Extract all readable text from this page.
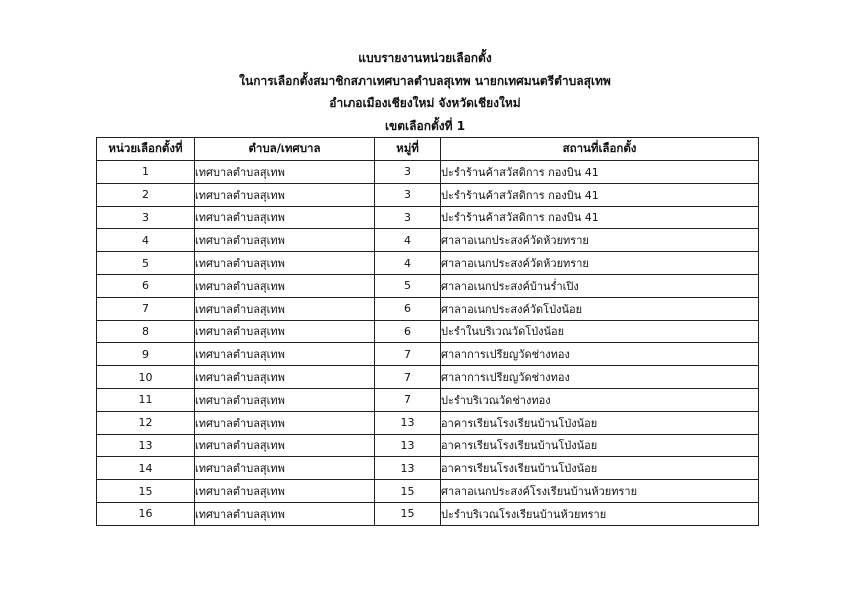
แบบรายงานหน่วยเลือกตั้ง
ในการเลือกตั้งสมาชิกสภาเทศบาลตำบลสุเทพ นายกเทศมนตรีตำบลสุเทพ
อำเภอเมืองเชียงใหม่ จังหวัดเชียงใหม่
เขตเลือกตั้งที่ 1
หน่วยเลือกตั้งที่	ตำบล/เทศบาล	หมู่ที่	สถานที่เลือกตั้ง
1	เทศบาลตำบลสุเทพ	3	ปะรำร้านค้าสวัสดิการ กองบิน 41
2	เทศบาลตำบลสุเทพ	3	ปะรำร้านค้าสวัสดิการ กองบิน 41
3	เทศบาลตำบลสุเทพ	3	ปะรำร้านค้าสวัสดิการ กองบิน 41
4	เทศบาลตำบลสุเทพ	4	ศาลาอเนกประสงค์วัดห้วยทราย
5	เทศบาลตำบลสุเทพ	4	ศาลาอเนกประสงค์วัดห้วยทราย
6	เทศบาลตำบลสุเทพ	5	ศาลาอเนกประสงค์บ้านร่ำเปิง
7	เทศบาลตำบลสุเทพ	6	ศาลาอเนกประสงค์วัดโป่งน้อย
8	เทศบาลตำบลสุเทพ	6	ปะรำในบริเวณวัดโป่งน้อย
9	เทศบาลตำบลสุเทพ	7	ศาลาการเปรียญวัดช่างทอง
10	เทศบาลตำบลสุเทพ	7	ศาลาการเปรียญวัดช่างทอง
11	เทศบาลตำบลสุเทพ	7	ปะรำบริเวณวัดช่างทอง
12	เทศบาลตำบลสุเทพ	13	อาคารเรียนโรงเรียนบ้านโป่งน้อย
13	เทศบาลตำบลสุเทพ	13	อาคารเรียนโรงเรียนบ้านโป่งน้อย
14	เทศบาลตำบลสุเทพ	13	อาคารเรียนโรงเรียนบ้านโป่งน้อย
15	เทศบาลตำบลสุเทพ	15	ศาลาอเนกประสงค์โรงเรียนบ้านห้วยทราย
16	เทศบาลตำบลสุเทพ	15	ปะรำบริเวณโรงเรียนบ้านห้วยทราย
